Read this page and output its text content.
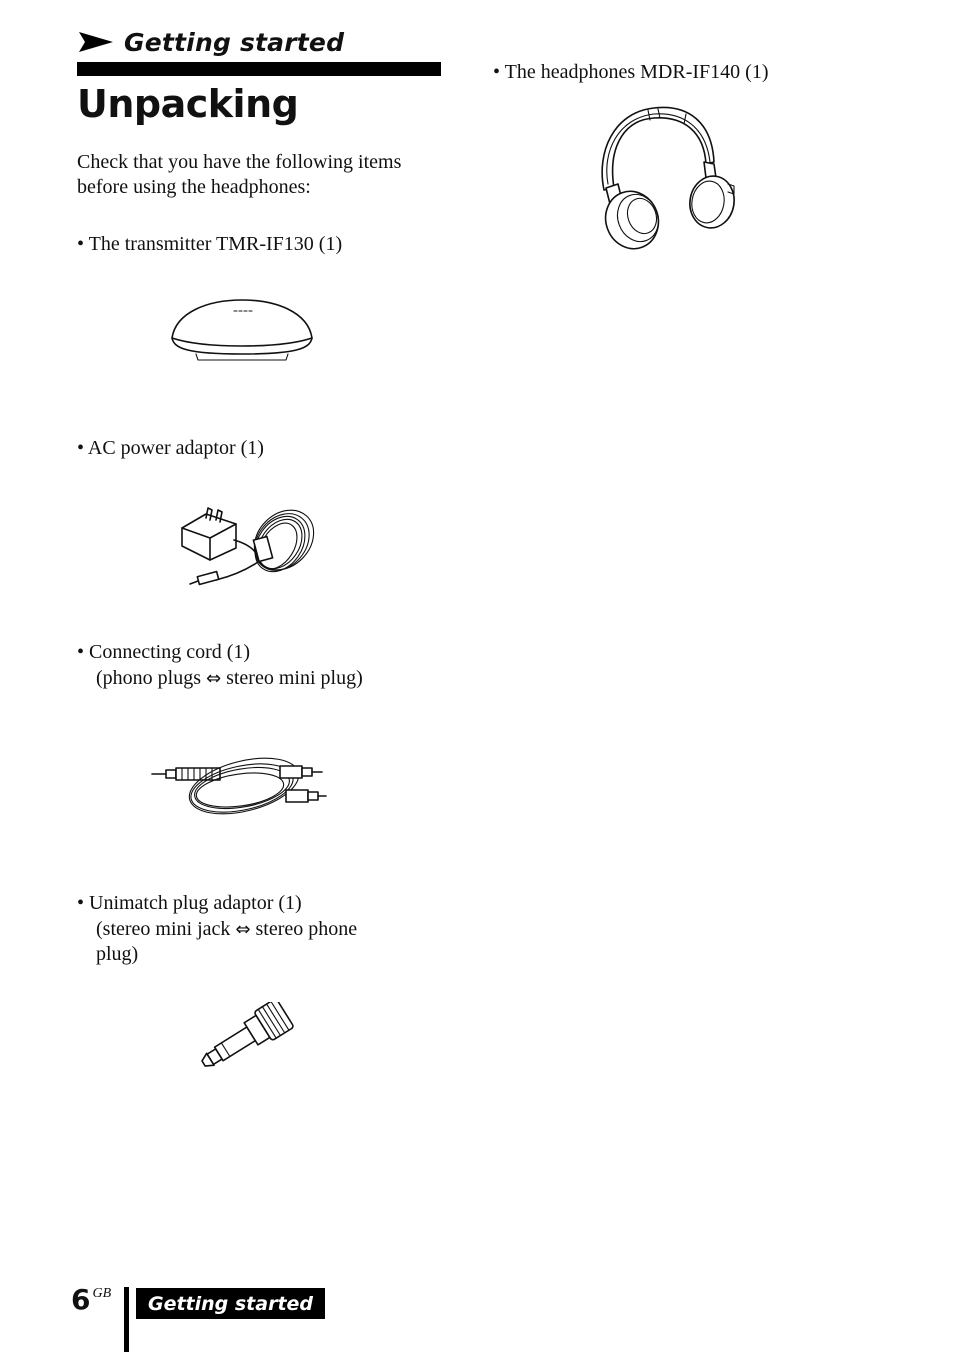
Getting started
Unpacking

Check that you have the following items before using the headphones:

• The transmitter TMR-IF130 (1)

• AC power adaptor (1)

• Connecting cord (1)
(phono plugs ⇔ stereo mini plug)

• Unimatch plug adaptor (1)
(stereo mini jack ⇔ stereo phone
plug)

• The headphones MDR-IF140 (1)

6 $^{GB}$	Getting started
